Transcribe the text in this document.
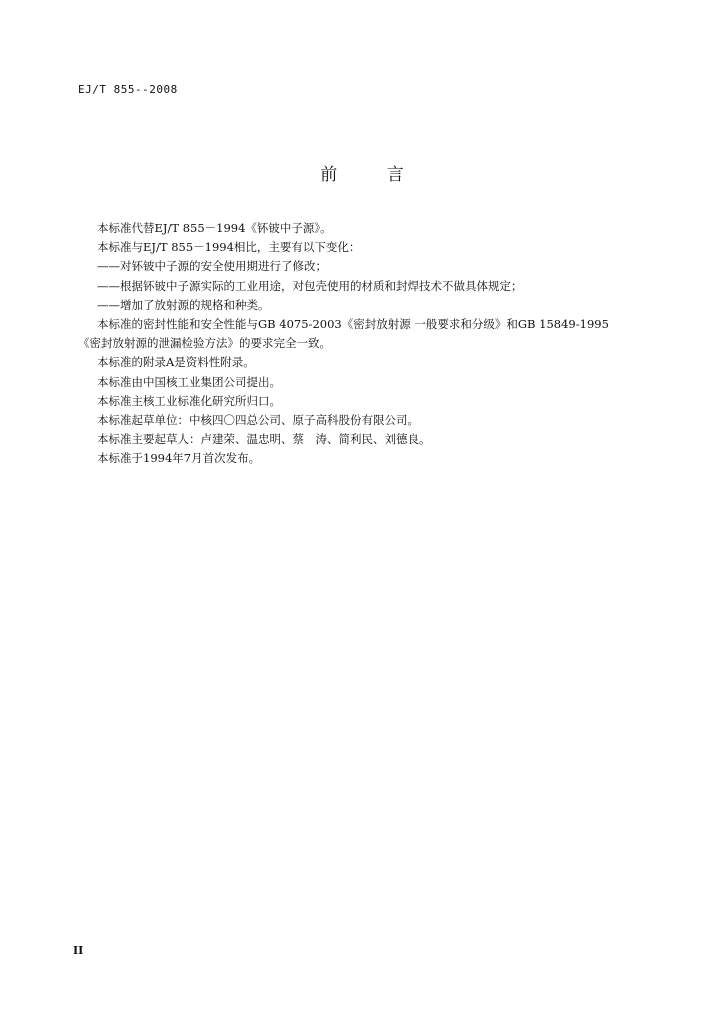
EJ/T 855--2008
前 言

本标准代替EJ/T 855－1994《钚铍中子源》。

本标准与EJ/T 855－1994相比，主要有以下变化：

——对钚铍中子源的安全使用期进行了修改；

——根据钚铍中子源实际的工业用途，对包壳使用的材质和封焊技术不做具体规定；

——增加了放射源的规格和种类。

本标准的密封性能和安全性能与GB 4075-2003《密封放射源 一般要求和分级》和GB 15849-1995

《密封放射源的泄漏检验方法》的要求完全一致。

本标准的附录A是资料性附录。

本标准由中国核工业集团公司提出。

本标准主核工业标准化研究所归口。

本标准起草单位：中核四〇四总公司、原子高科股份有限公司。

本标准主要起草人：卢建荣、温忠明、蔡　涛、简利民、刘德良。

本标准于1994年7月首次发布。

II
